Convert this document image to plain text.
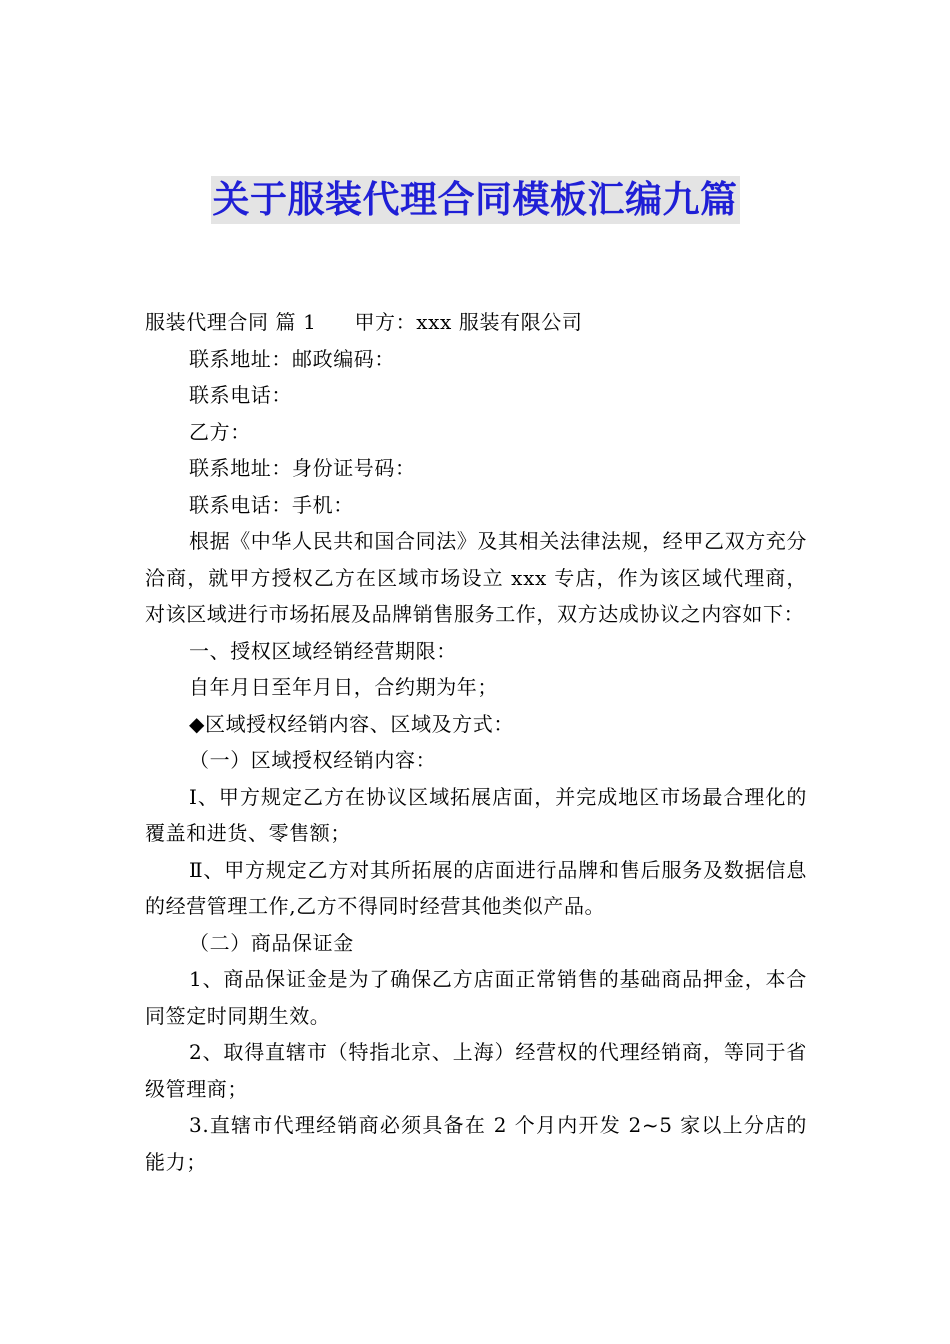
关于服装代理合同模板汇编九篇

服装代理合同 篇 1 甲方：xxx 服装有限公司

联系地址：邮政编码：

联系电话：

乙方：

联系地址：身份证号码：

联系电话：手机：

根据《中华人民共和国合同法》及其相关法律法规，经甲乙双方充分洽商，就甲方授权乙方在区域市场设立 xxx 专店，作为该区域代理商，对该区域进行市场拓展及品牌销售服务工作，双方达成协议之内容如下：

一、授权区域经销经营期限：

自年月日至年月日，合约期为年；

◆区域授权经销内容、区域及方式：

（一）区域授权经销内容：

Ⅰ、甲方规定乙方在协议区域拓展店面，并完成地区市场最合理化的覆盖和进货、零售额；

Ⅱ、甲方规定乙方对其所拓展的店面进行品牌和售后服务及数据信息的经营管理工作,乙方不得同时经营其他类似产品。

（二）商品保证金

1、商品保证金是为了确保乙方店面正常销售的基础商品押金，本合同签定时同期生效。

2、取得直辖市（特指北京、上海）经营权的代理经销商，等同于省级管理商；

3.直辖市代理经销商必须具备在 2 个月内开发 2~5 家以上分店的能力；
